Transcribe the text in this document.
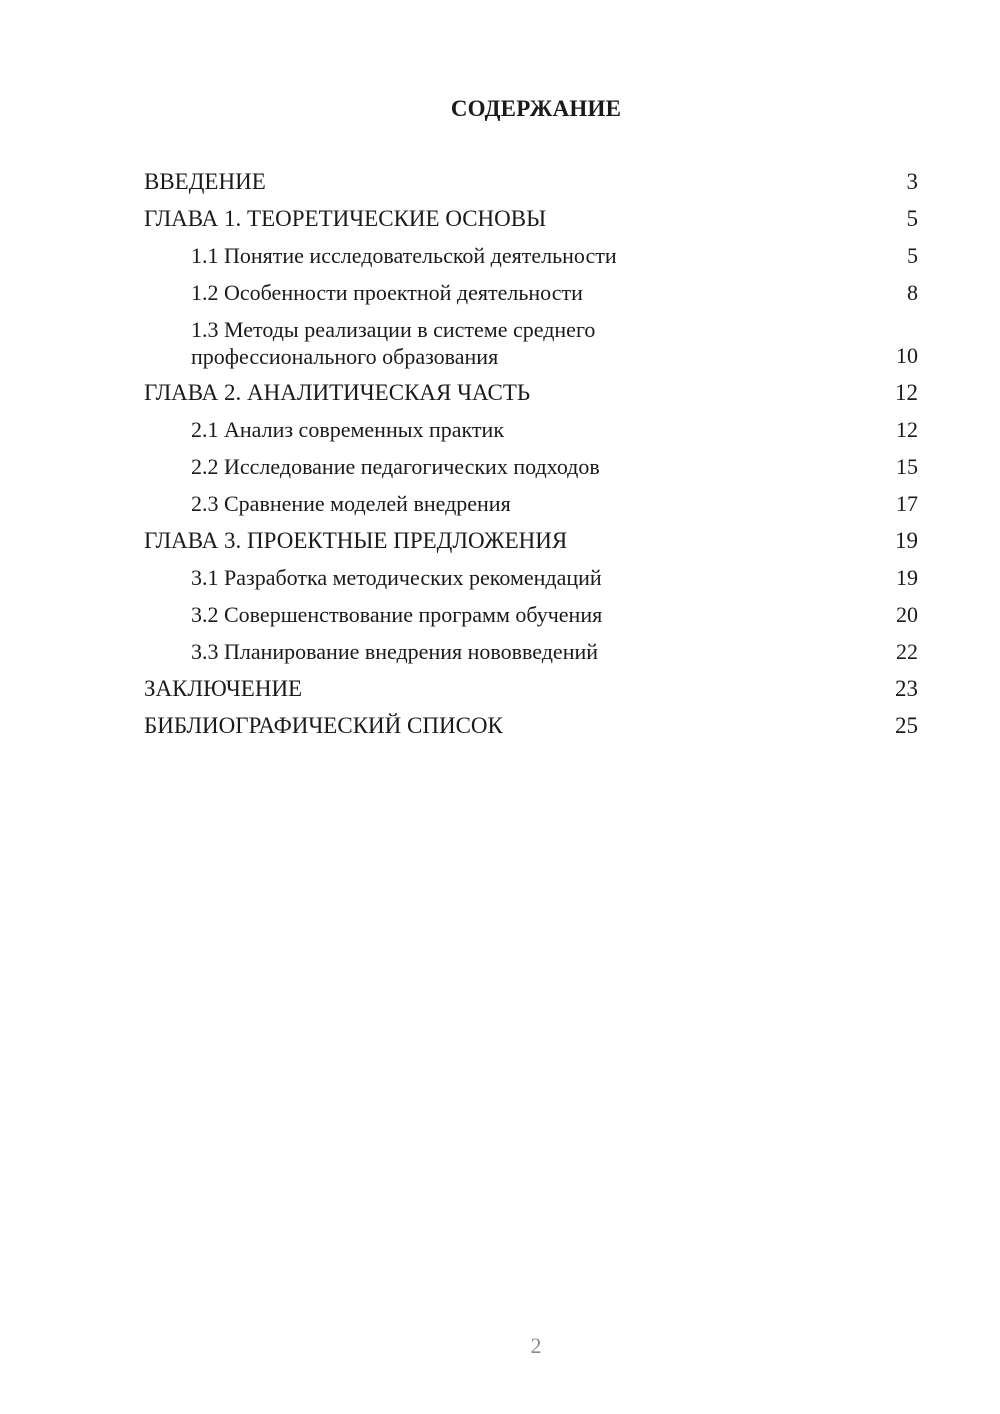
СОДЕРЖАНИЕ
ВВЕДЕНИЕ	3
ГЛАВА 1. ТЕОРЕТИЧЕСКИЕ ОСНОВЫ	5
1.1 Понятие исследовательской деятельности	5
1.2 Особенности проектной деятельности	8
1.3 Методы реализации в системе среднего
профессионального образования	10
ГЛАВА 2. АНАЛИТИЧЕСКАЯ ЧАСТЬ	12
2.1 Анализ современных практик	12
2.2 Исследование педагогических подходов	15
2.3 Сравнение моделей внедрения	17
ГЛАВА 3. ПРОЕКТНЫЕ ПРЕДЛОЖЕНИЯ	19
3.1 Разработка методических рекомендаций	19
3.2 Совершенствование программ обучения	20
3.3 Планирование внедрения нововведений	22
ЗАКЛЮЧЕНИЕ	23
БИБЛИОГРАФИЧЕСКИЙ СПИСОК	25
2
